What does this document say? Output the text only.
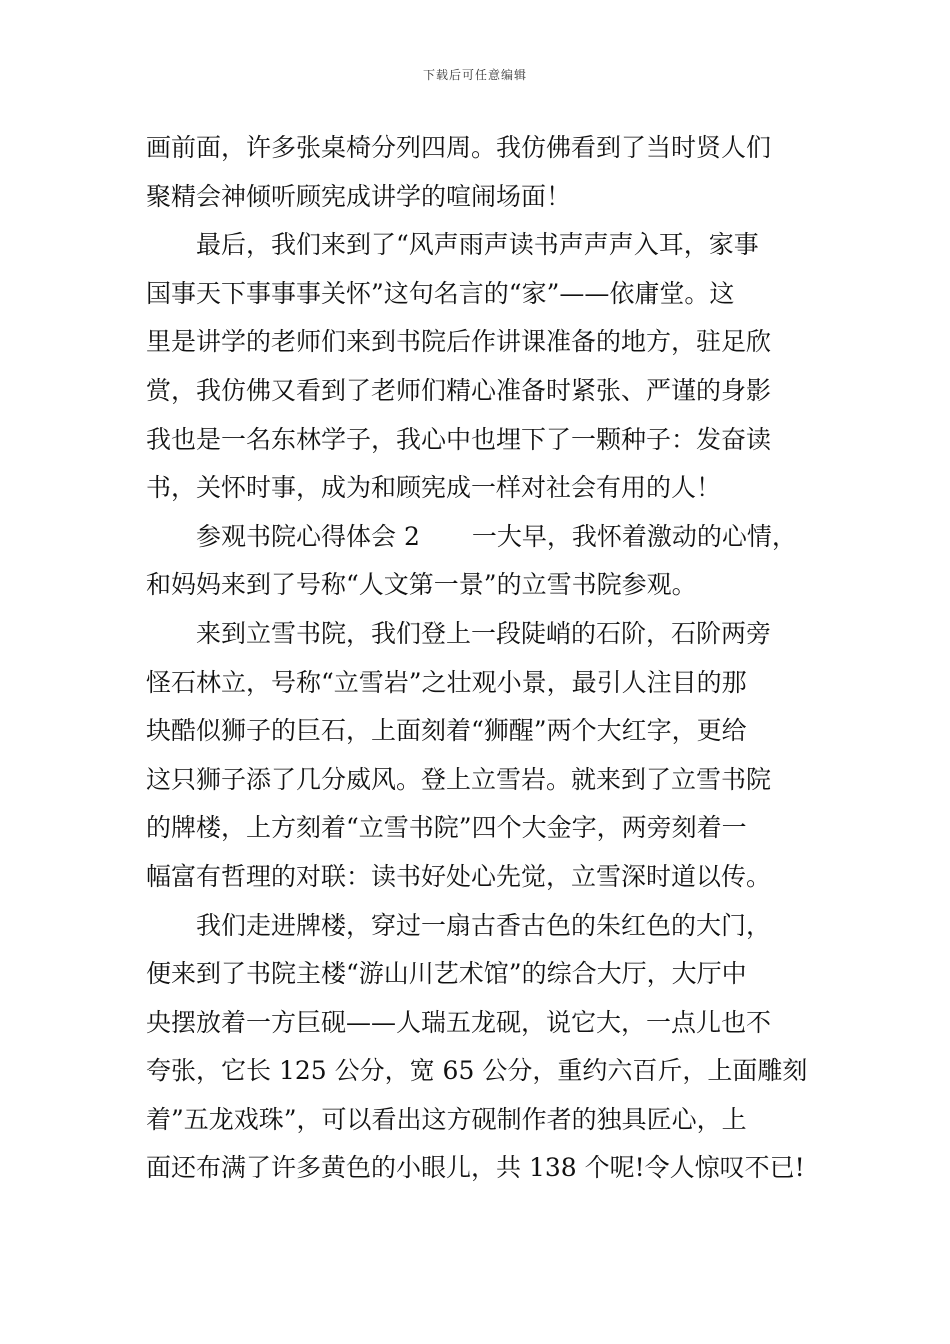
下载后可任意编辑
画前面，许多张桌椅分列四周。我仿佛看到了当时贤人们
聚精会神倾听顾宪成讲学的喧闹场面！
最后，我们来到了“风声雨声读书声声声入耳，家事
国事天下事事事关怀”这句名言的“家”——依庸堂。这
里是讲学的老师们来到书院后作讲课准备的地方，驻足欣
赏，我仿佛又看到了老师们精心准备时紧张、严谨的身影
我也是一名东林学子，我心中也埋下了一颗种子：发奋读
书，关怀时事，成为和顾宪成一样对社会有用的人！
参观书院心得体会 2 一大早，我怀着激动的心情，
和妈妈来到了号称“人文第一景”的立雪书院参观。
来到立雪书院，我们登上一段陡峭的石阶，石阶两旁
怪石林立，号称“立雪岩”之壮观小景，最引人注目的那
块酷似狮子的巨石，上面刻着“狮醒”两个大红字，更给
这只狮子添了几分威风。登上立雪岩。就来到了立雪书院
的牌楼，上方刻着“立雪书院”四个大金字，两旁刻着一
幅富有哲理的对联：读书好处心先觉，立雪深时道以传。
我们走进牌楼，穿过一扇古香古色的朱红色的大门，
便来到了书院主楼“游山川艺术馆”的综合大厅，大厅中
央摆放着一方巨砚——人瑞五龙砚，说它大，一点儿也不
夸张，它长 125 公分，宽 65 公分，重约六百斤，上面雕刻
着”五龙戏珠”，可以看出这方砚制作者的独具匠心，上
面还布满了许多黄色的小眼儿，共 138 个呢!令人惊叹不已!
